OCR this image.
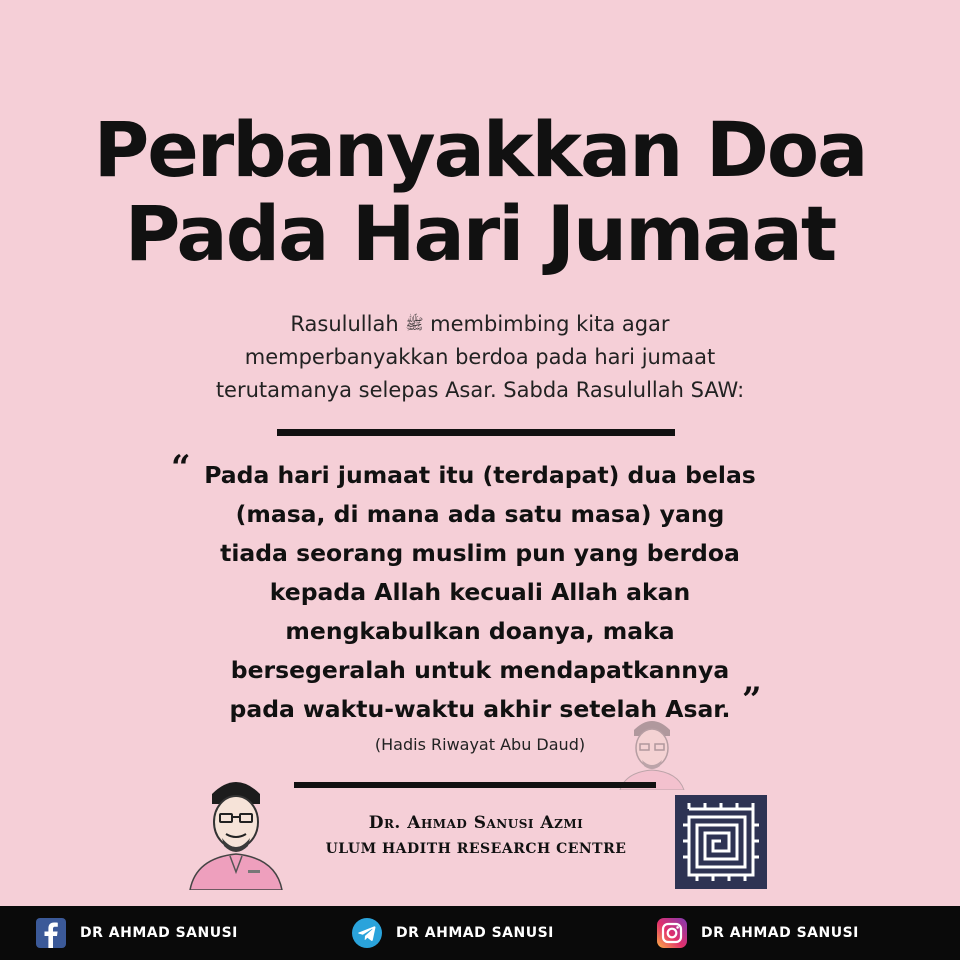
Perbanyakkan Doa
Pada Hari Jumaat
Rasulullah ﷺ membimbing kita agar
memperbanyakkan berdoa pada hari jumaat
terutamanya selepas Asar. Sabda Rasulullah SAW:
“ Pada hari jumaat itu (terdapat) dua belas
(masa, di mana ada satu masa) yang
tiada seorang muslim pun yang berdoa
kepada Allah kecuali Allah akan
mengkabulkan doanya, maka
bersegeralah untuk mendapatkannya
pada waktu-waktu akhir setelah Asar. ”
(Hadis Riwayat Abu Daud)
Dr. Ahmad Sanusi Azmi
ULUM HADITH RESEARCH CENTRE
DR AHMAD SANUSI	DR AHMAD SANUSI	DR AHMAD SANUSI
